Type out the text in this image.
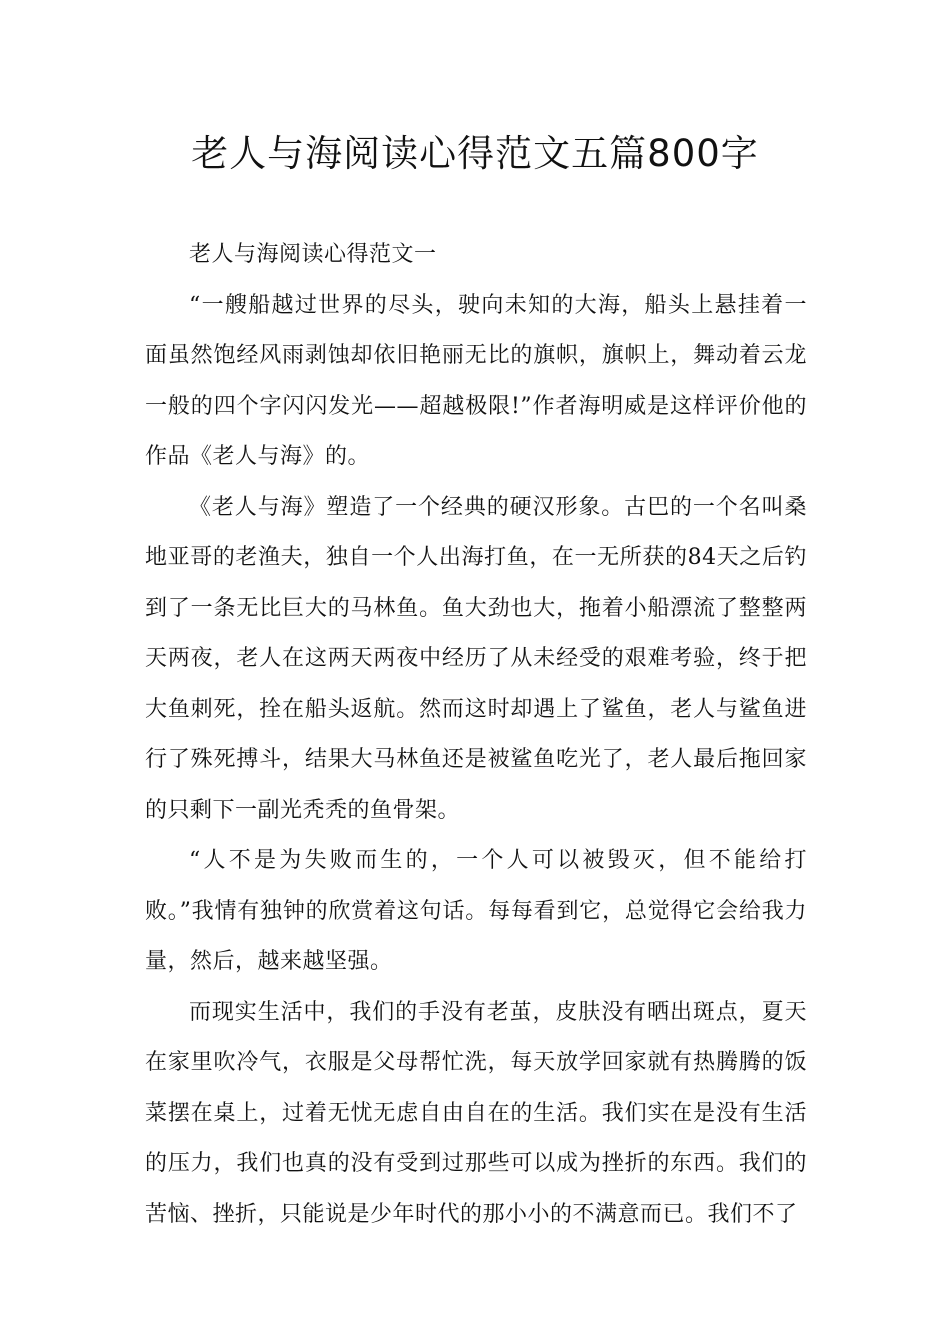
老人与海阅读心得范文五篇800字

老人与海阅读心得范文一

“一艘船越过世界的尽头，驶向未知的大海，船头上悬挂着一面虽然饱经风雨剥蚀却依旧艳丽无比的旗帜，旗帜上，舞动着云龙一般的四个字闪闪发光——超越极限!”作者海明威是这样评价他的作品《老人与海》的。

《老人与海》塑造了一个经典的硬汉形象。古巴的一个名叫桑地亚哥的老渔夫，独自一个人出海打鱼，在一无所获的84天之后钓到了一条无比巨大的马林鱼。鱼大劲也大，拖着小船漂流了整整两天两夜，老人在这两天两夜中经历了从未经受的艰难考验，终于把大鱼刺死，拴在船头返航。然而这时却遇上了鲨鱼，老人与鲨鱼进行了殊死搏斗，结果大马林鱼还是被鲨鱼吃光了，老人最后拖回家的只剩下一副光秃秃的鱼骨架。

“人不是为失败而生的，一个人可以被毁灭，但不能给打败。”我情有独钟的欣赏着这句话。每每看到它，总觉得它会给我力量，然后，越来越坚强。

而现实生活中，我们的手没有老茧，皮肤没有晒出斑点，夏天在家里吹冷气，衣服是父母帮忙洗，每天放学回家就有热腾腾的饭菜摆在桌上，过着无忧无虑自由自在的生活。我们实在是没有生活的压力，我们也真的没有受到过那些可以成为挫折的东西。我们的苦恼、挫折，只能说是少年时代的那小小的不满意而已。我们不了
